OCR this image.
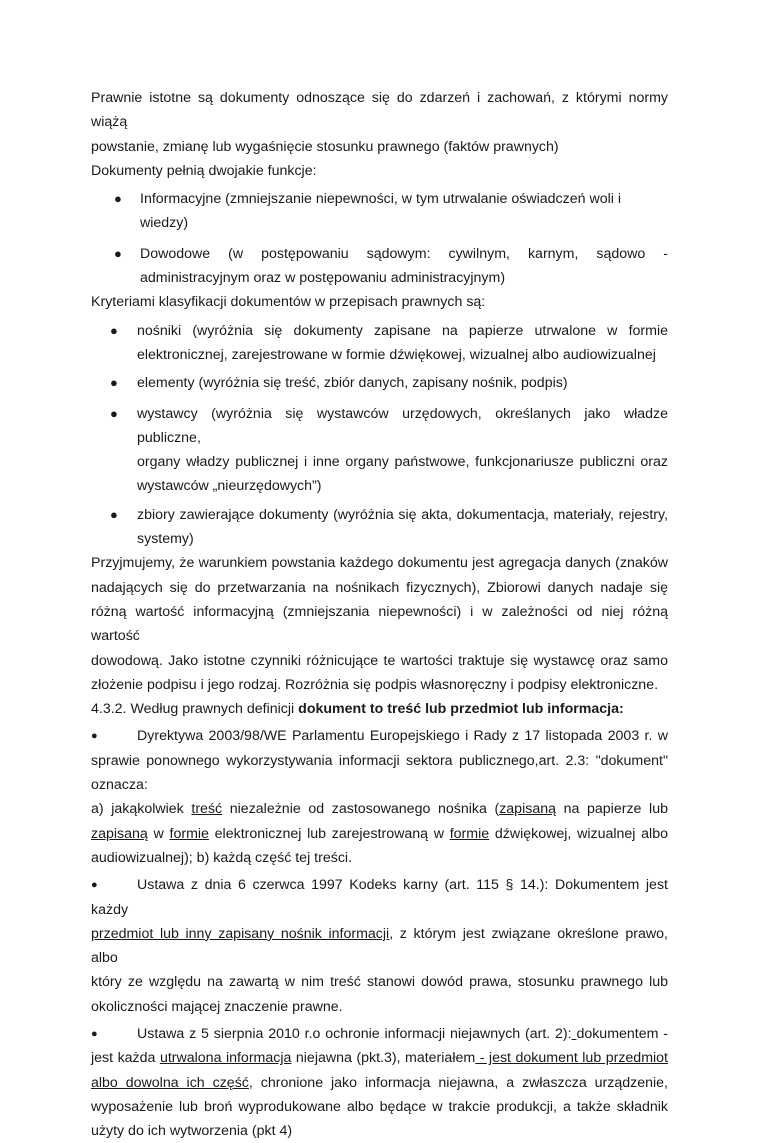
Prawnie istotne są dokumenty odnoszące się do zdarzeń i zachowań, z którymi normy wiążą

powstanie, zmianę lub wygaśnięcie stosunku prawnego (faktów prawnych)

Dokumenty pełnią dwojakie funkcje:

● Informacyjne (zmniejszanie niepewności, w tym utrwalanie oświadczeń woli i wiedzy)
● Dowodowe (w postępowaniu sądowym: cywilnym, karnym, sądowo -
administracyjnym oraz w postępowaniu administracyjnym)

Kryteriami klasyfikacji dokumentów w przepisach prawnych są:

● nośniki (wyróżnia się dokumenty zapisane na papierze utrwalone w formie
elektronicznej, zarejestrowane w formie dźwiękowej, wizualnej albo audiowizualnej
● elementy (wyróżnia się treść, zbiór danych, zapisany nośnik, podpis)
● wystawcy (wyróżnia się wystawców urzędowych, określanych jako władze publiczne,
organy władzy publicznej i inne organy państwowe, funkcjonariusze publiczni oraz
wystawców „nieurzędowych”)
● zbiory zawierające dokumenty (wyróżnia się akta, dokumentacja, materiały, rejestry,
systemy)

Przyjmujemy, że warunkiem powstania każdego dokumentu jest agregacja danych (znaków

nadających się do przetwarzania na nośnikach fizycznych), Zbiorowi danych nadaje się

różną wartość informacyjną (zmniejszania niepewności) i w zależności od niej różną wartość

dowodową. Jako istotne czynniki różnicujące te wartości traktuje się wystawcę oraz samo

złożenie podpisu i jego rodzaj. Rozróżnia się podpis własnoręczny i podpisy elektroniczne.

4.3.2. Według prawnych definicji dokument to treść lub przedmiot lub informacja:

●	Dyrektywa 2003/98/WE Parlamentu Europejskiego i Rady z 17 listopada 2003 r. w

sprawie ponownego wykorzystywania informacji sektora publicznego,art. 2.3: "dokument"

oznacza:

a) jakąkolwiek treść niezależnie od zastosowanego nośnika (zapisaną na papierze lub

zapisaną w formie elektronicznej lub zarejestrowaną w formie dźwiękowej, wizualnej albo

audiowizualnej); b) każdą część tej treści.

●	Ustawa z dnia 6 czerwca 1997 Kodeks karny (art. 115 § 14.): Dokumentem jest każdy

przedmiot lub inny zapisany nośnik informacji, z którym jest związane określone prawo, albo

który ze względu na zawartą w nim treść stanowi dowód prawa, stosunku prawnego lub

okoliczności mającej znaczenie prawne.

●	Ustawa z 5 sierpnia 2010 r.o ochronie informacji niejawnych (art. 2): dokumentem -

jest każda utrwalona informacja niejawna (pkt.3), materiałem - jest dokument lub przedmiot

albo dowolna ich część, chronione jako informacja niejawna, a zwłaszcza urządzenie,

wyposażenie lub broń wyprodukowane albo będące w trakcie produkcji, a także składnik

użyty do ich wytworzenia (pkt 4)
